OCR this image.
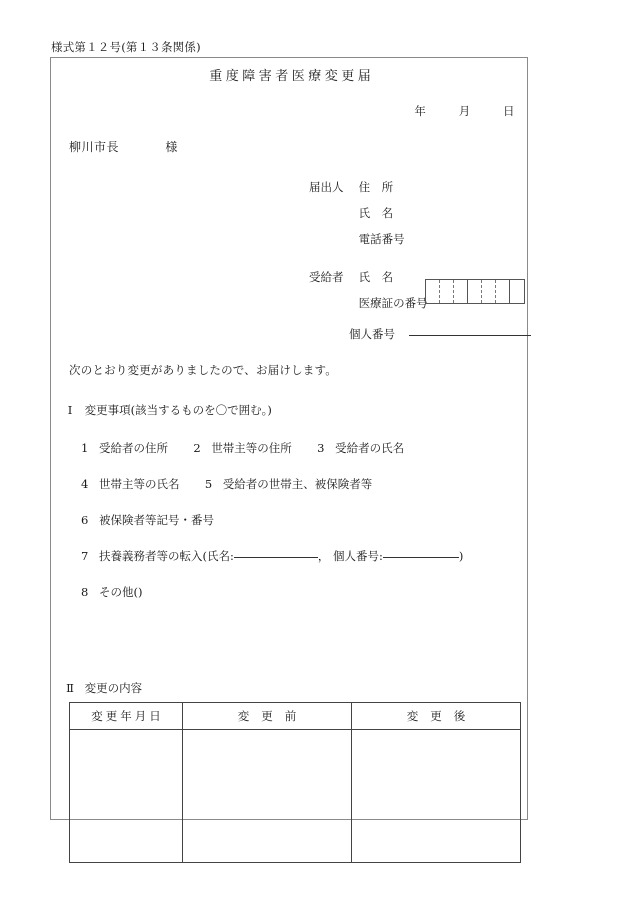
様式第１２号(第１３条関係)
重度障害者医療変更届
年	月	日
柳川市長	様
届出人 住　所
氏　名
電話番号
受給者 氏　名
医療証の番号
個人番号
次のとおり変更がありましたので、お届けします。
Ⅰ 変更事項(該当するものを〇で囲む。)
1 受給者の住所 2 世帯主等の住所 3 受給者の氏名
4 世帯主等の氏名 5 受給者の世帯主、被保険者等
6 被保険者等記号・番号
7 扶養義務者等の転入(氏名:	， 個人番号:	)
8 その他()
Ⅱ 変更の内容
変更年月日	変更前	変更後
